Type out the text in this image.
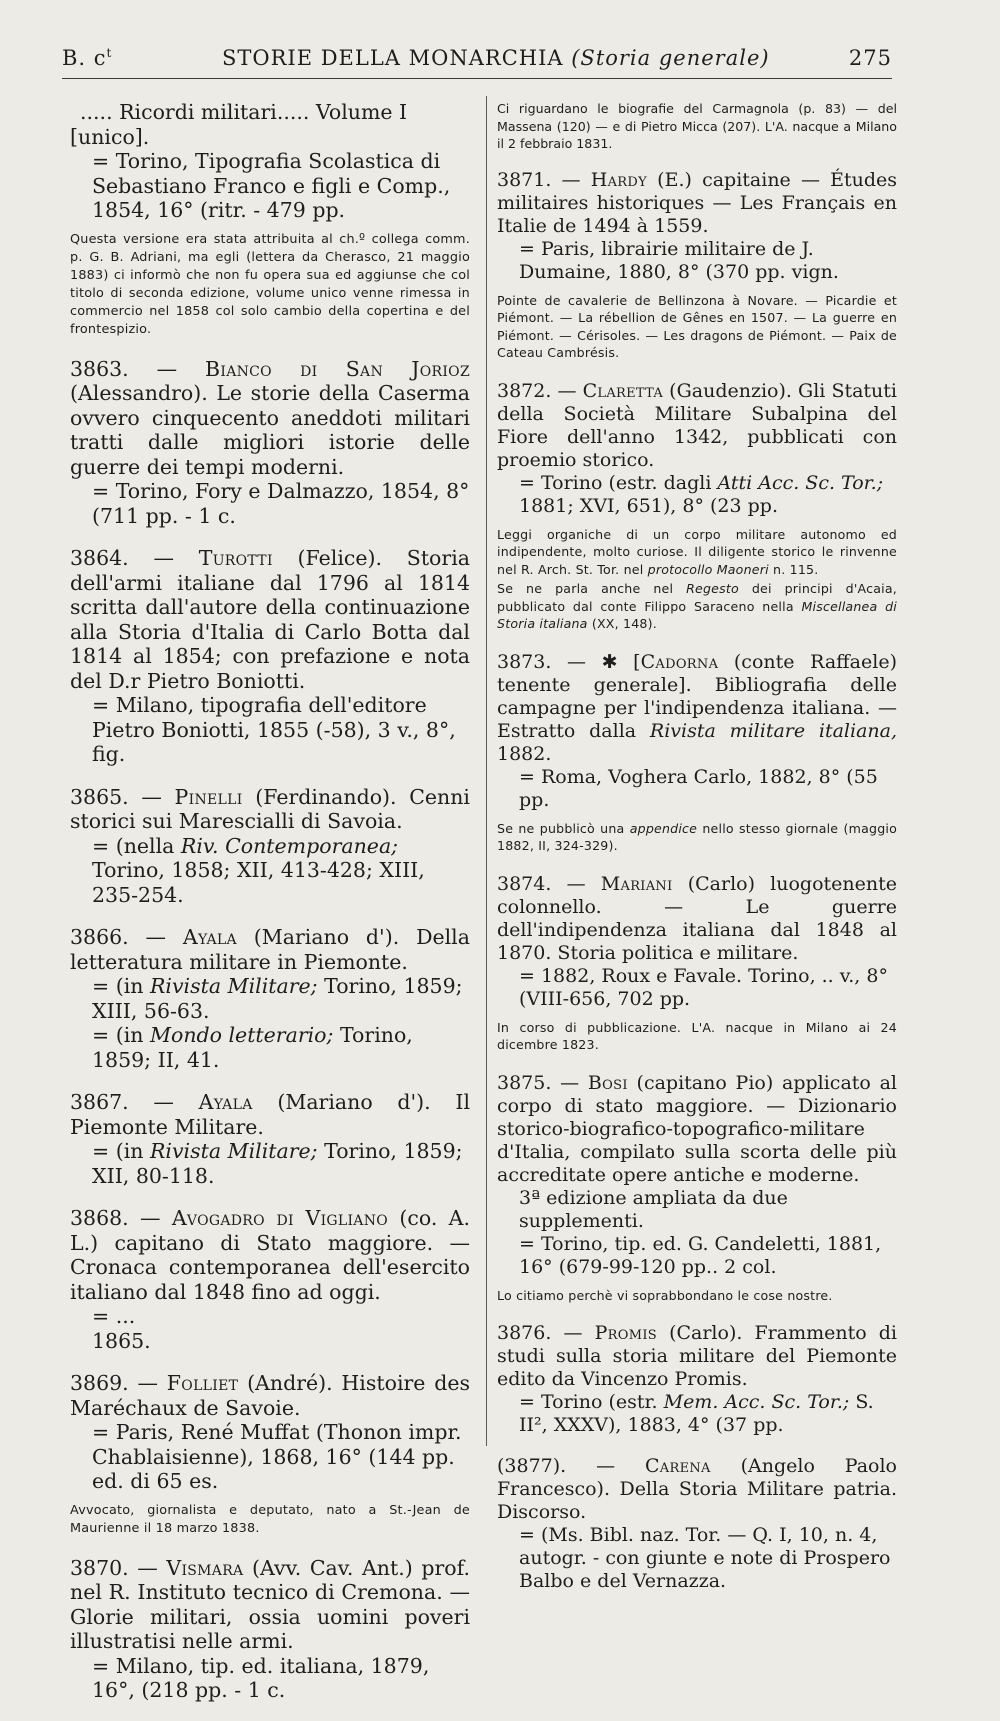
B. $c^t$	STORIE DELLA MONARCHIA (Storia generale)	275
..... Ricordi militari..... Volume I
[unico].
= Torino, Tipografia Scolastica di Sebastiano Franco e figli e Comp., 1854, 16° (ritr. - 479 pp.
Questa versione era stata attribuita al ch.º collega comm. p. G. B. Adriani, ma egli (lettera da Cherasco, 21 maggio 1883) ci informò che non fu opera sua ed aggiunse che col titolo di seconda edizione, volume unico venne rimessa in commercio nel 1858 col solo cambio della copertina e del frontespizio.
3863. — Bianco di San Jorioz (Alessandro). Le storie della Caserma ovvero cinquecento aneddoti militari tratti dalle migliori istorie delle guerre dei tempi moderni.
= Torino, Fory e Dalmazzo, 1854, 8° (711 pp. - 1 c.
3864. — Turotti (Felice). Storia dell'armi italiane dal 1796 al 1814 scritta dall'autore della continuazione alla Storia d'Italia di Carlo Botta dal 1814 al 1854; con prefazione e nota del D.r Pietro Boniotti.
= Milano, tipografia dell'editore Pietro Boniotti, 1855 (-58), 3 v., 8°, fig.
3865. — Pinelli (Ferdinando). Cenni storici sui Marescialli di Savoia.
= (nella Riv. Contemporanea; Torino, 1858; XII, 413-428; XIII, 235-254.
3866. — Ayala (Mariano d'). Della letteratura militare in Piemonte.
= (in Rivista Militare; Torino, 1859; XIII, 56-63.
= (in Mondo letterario; Torino, 1859; II, 41.
3867. — Ayala (Mariano d'). Il Piemonte Militare.
= (in Rivista Militare; Torino, 1859; XII, 80-118.
3868. — Avogadro di Vigliano (co. A. L.) capitano di Stato maggiore. — Cronaca contemporanea dell'esercito italiano dal 1848 fino ad oggi.
= ...
1865.
3869. — Folliet (André). Histoire des Maréchaux de Savoie.
= Paris, René Muffat (Thonon impr. Chablaisienne), 1868, 16° (144 pp. ed. di 65 es.
Avvocato, giornalista e deputato, nato a St.-Jean de Maurienne il 18 marzo 1838.
3870. — Vismara (Avv. Cav. Ant.) prof. nel R. Instituto tecnico di Cremona. — Glorie militari, ossia uomini poveri illustratisi nelle armi.
= Milano, tip. ed. italiana, 1879, 16°, (218 pp. - 1 c.
Ci riguardano le biografie del Carmagnola (p. 83) — del Massena (120) — e di Pietro Micca (207). L'A. nacque a Milano il 2 febbraio 1831.
3871. — Hardy (E.) capitaine — Études militaires historiques — Les Français en Italie de 1494 à 1559.
= Paris, librairie militaire de J. Dumaine, 1880, 8° (370 pp. vign.
Pointe de cavalerie de Bellinzona à Novare. — Picardie et Piémont. — La rébellion de Gênes en 1507. — La guerre en Piémont. — Cérisoles. — Les dragons de Piémont. — Paix de Cateau Cambrésis.
3872. — Claretta (Gaudenzio). Gli Statuti della Società Militare Subalpina del Fiore dell'anno 1342, pubblicati con proemio storico.
= Torino (estr. dagli Atti Acc. Sc. Tor.; 1881; XVI, 651), 8° (23 pp.
Leggi organiche di un corpo militare autonomo ed indipendente, molto curiose. Il diligente storico le rinvenne nel R. Arch. St. Tor. nel protocollo Maoneri n. 115.
Se ne parla anche nel Regesto dei principi d'Acaia, pubblicato dal conte Filippo Saraceno nella Miscellanea di Storia italiana (XX, 148).
3873. — ✱ [Cadorna (conte Raffaele) tenente generale]. Bibliografia delle campagne per l'indipendenza italiana. — Estratto dalla Rivista militare italiana, 1882.
= Roma, Voghera Carlo, 1882, 8° (55 pp.
Se ne pubblicò una appendice nello stesso giornale (maggio 1882, II, 324-329).
3874. — Mariani (Carlo) luogotenente colonnello. — Le guerre dell'indipendenza italiana dal 1848 al 1870. Storia politica e militare.
= 1882, Roux e Favale. Torino, .. v., 8° (VIII-656, 702 pp.
In corso di pubblicazione. L'A. nacque in Milano ai 24 dicembre 1823.
3875. — Bosi (capitano Pio) applicato al corpo di stato maggiore. — Dizionario storico-biografico-topografico-militare d'Italia, compilato sulla scorta delle più accreditate opere antiche e moderne.
3ª edizione ampliata da due supplementi.
= Torino, tip. ed. G. Candeletti, 1881, 16° (679-99-120 pp.. 2 col.
Lo citiamo perchè vi soprabbondano le cose nostre.
3876. — Promis (Carlo). Frammento di studi sulla storia militare del Piemonte edito da Vincenzo Promis.
= Torino (estr. Mem. Acc. Sc. Tor.; S. II², XXXV), 1883, 4° (37 pp.
(3877). — Carena (Angelo Paolo Francesco). Della Storia Militare patria. Discorso.
= (Ms. Bibl. naz. Tor. — Q. I, 10, n. 4, autogr. - con giunte e note di Prospero Balbo e del Vernazza.
